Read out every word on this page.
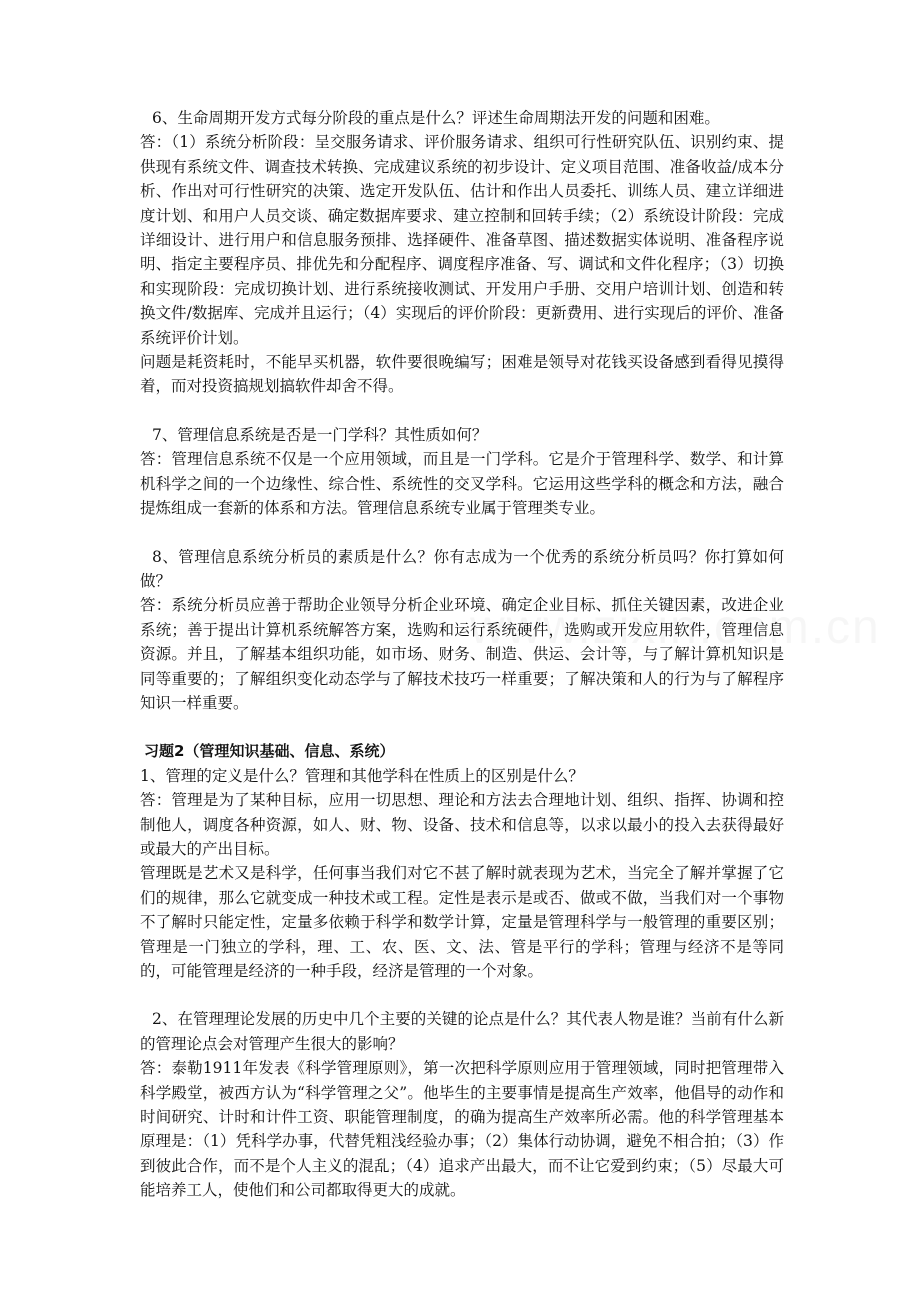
6、生命周期开发方式每分阶段的重点是什么？评述生命周期法开发的问题和困难。

答：（1）系统分析阶段：呈交服务请求、评价服务请求、组织可行性研究队伍、识别约束、提供现有系统文件、调查技术转换、完成建议系统的初步设计、定义项目范围、准备收益/成本分析、作出对可行性研究的决策、选定开发队伍、估计和作出人员委托、训练人员、建立详细进度计划、和用户人员交谈、确定数据库要求、建立控制和回转手续；（2）系统设计阶段：完成详细设计、进行用户和信息服务预排、选择硬件、准备草图、描述数据实体说明、准备程序说明、指定主要程序员、排优先和分配程序、调度程序准备、写、调试和文件化程序；（3）切换和实现阶段：完成切换计划、进行系统接收测试、开发用户手册、交用户培训计划、创造和转换文件/数据库、完成并且运行；（4）实现后的评价阶段：更新费用、进行实现后的评价、准备系统评价计划。

问题是耗资耗时，不能早买机器，软件要很晚编写；困难是领导对花钱买设备感到看得见摸得着，而对投资搞规划搞软件却舍不得。

7、管理信息系统是否是一门学科？其性质如何？

答：管理信息系统不仅是一个应用领域，而且是一门学科。它是介于管理科学、数学、和计算机科学之间的一个边缘性、综合性、系统性的交叉学科。它运用这些学科的概念和方法，融合提炼组成一套新的体系和方法。管理信息系统专业属于管理类专业。

8、管理信息系统分析员的素质是什么？你有志成为一个优秀的系统分析员吗？你打算如何做？

答：系统分析员应善于帮助企业领导分析企业环境、确定企业目标、抓住关键因素，改进企业系统；善于提出计算机系统解答方案，选购和运行系统硬件，选购或开发应用软件，管理信息资源。并且，了解基本组织功能，如市场、财务、制造、供运、会计等，与了解计算机知识是同等重要的；了解组织变化动态学与了解技术技巧一样重要；了解决策和人的行为与了解程序知识一样重要。

习题2（管理知识基础、信息、系统）

1、管理的定义是什么？管理和其他学科在性质上的区别是什么？

答：管理是为了某种目标，应用一切思想、理论和方法去合理地计划、组织、指挥、协调和控制他人，调度各种资源，如人、财、物、设备、技术和信息等，以求以最小的投入去获得最好或最大的产出目标。

管理既是艺术又是科学，任何事当我们对它不甚了解时就表现为艺术，当完全了解并掌握了它们的规律，那么它就变成一种技术或工程。定性是表示是或否、做或不做，当我们对一个事物不了解时只能定性，定量多依赖于科学和数学计算，定量是管理科学与一般管理的重要区别；管理是一门独立的学科，理、工、农、医、文、法、管是平行的学科；管理与经济不是等同的，可能管理是经济的一种手段，经济是管理的一个对象。

2、在管理理论发展的历史中几个主要的关键的论点是什么？其代表人物是谁？当前有什么新的管理论点会对管理产生很大的影响？

答：泰勒1911年发表《科学管理原则》，第一次把科学原则应用于管理领域，同时把管理带入科学殿堂，被西方认为“科学管理之父”。他毕生的主要事情是提高生产效率，他倡导的动作和时间研究、计时和计件工资、职能管理制度，的确为提高生产效率所必需。他的科学管理基本原理是：（1）凭科学办事，代替凭粗浅经验办事；（2）集体行动协调，避免不相合拍；（3）作到彼此合作，而不是个人主义的混乱；（4）追求产出最大，而不让它爱到约束；（5）尽最大可能培养工人，使他们和公司都取得更大的成就。
